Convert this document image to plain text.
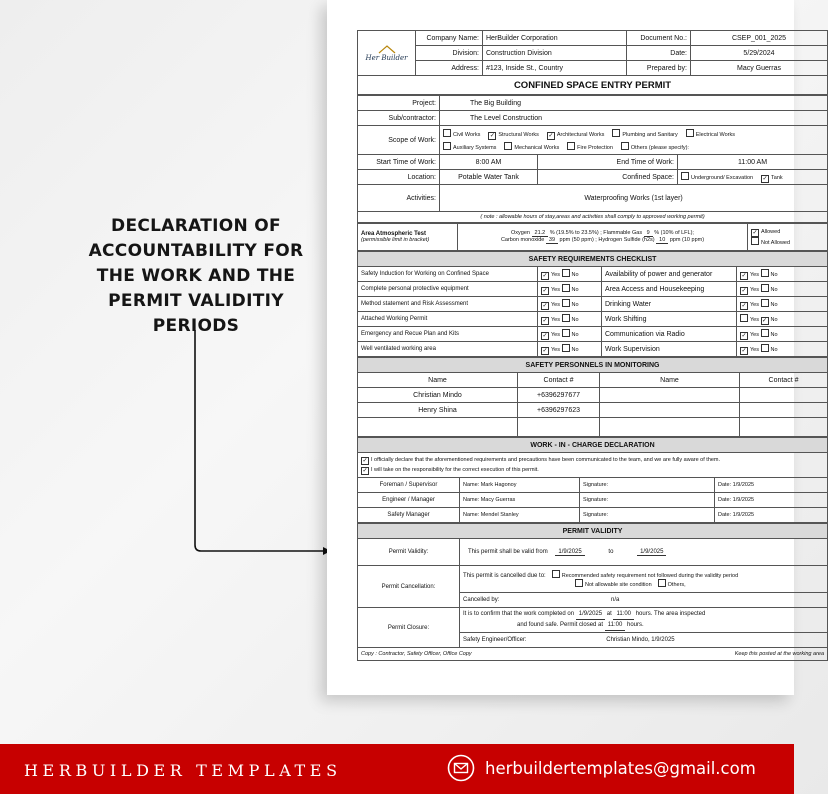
DECLARATION OF ACCOUNTABILITY FOR THE WORK AND THE PERMIT VALIDITIY PERIODS
Her Builder	Company Name:	HerBuilder Corporation	Document No.:	CSEP_001_2025
	Division:	Construction Division	Date:	5/29/2024
	Address:	#123, Inside St., Country	Prepared by:	Macy Guerras
CONFINED SPACE ENTRY PERMIT				
Project:	The Big Building		
Sub/contractor:	The Level Construction		
Scope of Work:	Civil Works ✓ Structural Works ✓ Architectural Works Plumbing and Sanitary Electrical Works
Auxiliary Systems Mechanical Works Fire Protection Others (please specify):		

Start Time of Work:	8:00 AM	End Time of Work:	11:00 AM
Location:	Potable Water Tank	Confined Space:	Underground/ Excavation ✓ Tank
Activities:	Waterproofing Works (1st layer)		
( note : allowable hours of stay,areas and activities shall comply to approved working permit)			
Area Atmospheric Test
(permissible limit in bracket)

Oxygen 21.2 % (19.5% to 23.5%) ; Flammable Gas 9 % (10% of LFL);
Carbon monoxide 39 ppm (50 ppm) ; Hydrogen Sulfide (h2s) 10 ppm (10 ppm)

✓ Allowed
Not Allowed
SAFETY REQUIREMENTS CHECKLIST			
Safety Induction for Working on Confined Space	✓ Yes No	Availability of power and generator	✓ Yes No
Complete personal protective equipment	✓ Yes No	Area Access and Housekeeping	✓ Yes No
Method statement and Risk Assessment	✓ Yes No	Drinking Water	✓ Yes No
Attached Working Permit	✓ Yes No	Work Shifting	Yes ✓ No
Emergency and Recue Plan and Kits	✓ Yes No	Communication via Radio	✓ Yes No
Well ventilated working area	✓ Yes No	Work Supervision	✓ Yes No
SAFETY PERSONNELS IN MONITORING			
Name	Contact #	Name	Contact #
Christian Mindo	+6396297677		
Henry Shina	+6396297623		

WORK - IN - CHARGE DECLARATION			

✓ I officially declare that the aforementioned requirements and precautions have been communicated to the team, and we are fully aware of them.
✓ I will take on the responsibility for the correct execution of this permit.			

Foreman / Supervisor	Name: Mark Hagonoy	Signature:	Date: 1/9/2025
Engineer / Manager	Name: Macy Guerras	Signature:	Date: 1/9/2025
Safety Manager	Name: Mendel Stanley	Signature:	Date: 1/9/2025
PERMIT VALIDITY	
Permit Validity:	This permit shall be valid from 1/9/2025 to 1/9/2025
Permit Cancellation:	This permit is cancelled due to: Recommended safety requirement not followed during the validity period
Not allowable site condition Others,

	Cancelled by: n/a
Permit Closure:	It is to confirm that the work completed on 1/9/2025 at 11:00 hours. The area inspected
and found safe. Permit closed at 11:00 hours.

	Safety Engineer/Officer: Christian Mindo, 1/9/2025
Copy : Contractor, Safety Officer, Office Copy Keep this posted at the working area	
HERBUILDER TEMPLATES	herbuildertemplates@gmail.com
